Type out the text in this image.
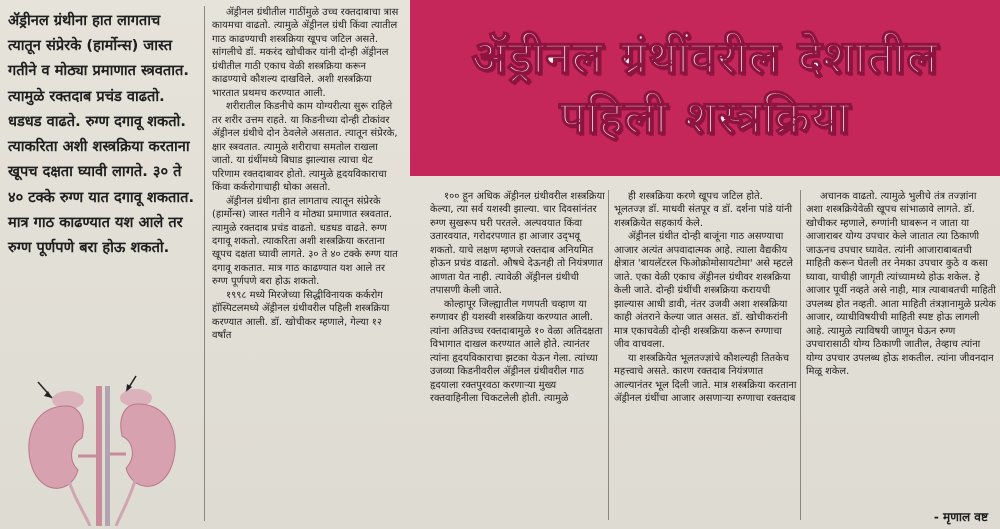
ॲड्रीनल ग्रंथीना हात लागताच त्यातून संप्रेरके (हार्मोन्स) जास्त गतीने व मोठ्या प्रमाणात स्त्रवतात. त्यामुळे रक्तदाब प्रचंड वाढतो. धडधड वाढते. रुग्ण दगावू शकतो. त्याकरिता अशी शस्त्रक्रिया करताना खूपच दक्षता घ्यावी लागते. ३० ते ४० टक्के रुग्ण यात दगावू शकतात. मात्र गाठ काढण्यात यश आले तर रुग्ण पूर्णपणे बरा होऊ शकतो.

ॲड्रीनल ग्रंथीतील गाठींमुळे उच्च रक्तदाबाचा त्रास कायमचा वाढतो. त्यामुळे ॲड्रीनल ग्रंथी किंवा त्यातील गाठ काढण्याची शस्त्रक्रिया खूपच जटिल असते. सांगलीचे डॉ. मकरंद खोचीकर यांनी दोन्ही ॲड्रीनल ग्रंथीतील गाठी एकाच वेळी शस्त्रक्रिया करून काढण्याचे कौशल्य दाखविले. अशी शस्त्रक्रिया भारतात प्रथमच करण्यात आली.

शरीरातील किडनीचे काम योग्यरीत्या सुरू राहिले तर शरीर उत्तम राहते. या किडनीच्या दोन्ही टोकांवर ॲड्रीनल ग्रंथीचे दोन ठेवलेले असतात. त्यातून संप्रेरके, क्षार स्त्रवतात. त्यामुळे शरीराचा समतोल राखला जातो. या ग्रंथींमध्ये बिघाड झाल्यास त्याचा थेट परिणाम रक्तदाबावर होतो. त्यामुळे हृदयविकाराचा किंवा कर्करोगाचाही धोका असतो.

ॲड्रीनल ग्रंथीना हात लागताच त्यातून संप्रेरके (हार्मोन्स) जास्त गतीने व मोठ्या प्रमाणात स्त्रवतात. त्यामुळे रक्तदाब प्रचंड वाढतो. धडधड वाढते. रुग्ण दगावू शकतो. त्याकरिता अशी शस्त्रक्रिया करताना खूपच दक्षता घ्यावी लागते. ३० ते ४० टक्के रुग्ण यात दगावू शकतात. मात्र गाठ काढण्यात यश आले तर रुग्ण पूर्णपणे बरा होऊ शकतो.

१९९८ मध्ये मिरजेच्या सिद्धीविनायक कर्करोग हॉस्पिटलमध्ये ॲड्रीनल ग्रंथीवरील पहिली शस्त्रक्रिया करण्यात आली. डॉ. खोचीकर म्हणाले, गेल्या १२ वर्षांत

ॲड्रीनल ग्रंथींवरील देशातील
पहिली शस्त्रक्रिया

१०० हून अधिक ॲड्रीनल ग्रंथीवरील शस्त्रक्रिया केल्या, त्या सर्व यशस्वी झाल्या. चार दिवसांनंतर रुग्ण सुखरूप घरी परतले. अल्पवयात किंवा उतारवयात, गरोदरपणात हा आजार उद्‌भवू शकतो. याचे लक्षण म्हणजे रक्तदाब अनियमित होऊन प्रचंड वाढतो. औषधे देऊनही तो नियंत्रणात आणता येत नाही. त्यावेळी ॲड्रीनल ग्रंथीची तपासणी केली जाते.

कोल्हापूर जिल्ह्यातील गणपती चव्हाण या रुग्णावर ही यशस्वी शस्त्रक्रिया करण्यात आली. त्यांना अतिउच्च रक्तदाबामुळे १० वेळा अतिदक्षता विभागात दाखल करण्यात आले होते. त्यानंतर त्यांना हृदयविकाराचा झटका येऊन गेला. त्यांच्या उजव्या किडनीवरील ॲड्रीनल ग्रंथीवरील गाठ हृदयाला रक्तपुरवठा करणाऱ्या मुख्य रक्तवाहिनीला चिकटलेली होती. त्यामुळे

ही शस्त्रक्रिया करणे खूपच जटिल होते. भूलतज्ज्ञ डॉ. माधवी संतपूर व डॉ. दर्शना पांडे यांनी शस्त्रक्रियेत सहकार्य केले.

ॲड्रीनल ग्रंथीत दोन्ही बाजूंना गाठ असण्याचा आजार अत्यंत अपवादात्मक आहे. त्याला वैद्यकीय क्षेत्रात 'बायलॅटरल फिओक्रोमोसायटोमा' असे म्हटले जाते. एका वेळी एकाच ॲड्रीनल ग्रंथीवर शस्त्रक्रिया केली जाते. दोन्ही ग्रंथींची शस्त्रक्रिया करायची झाल्यास आधी डावी, नंतर उजवी अशा शस्त्रक्रिया काही अंतराने केल्या जात असत. डॉ. खोचीकरांनी मात्र एकाचवेळी दोन्ही शस्त्रक्रिया करून रुग्णाचा जीव वाचवला.

या शस्त्रक्रियेत भूलतज्ज्ञांचे कौशल्यही तितकेच महत्त्वाचे असते. कारण रक्तदाब नियंत्रणात आल्यानंतर भूल दिली जाते. मात्र शस्त्रक्रिया करताना ॲड्रीनल ग्रंथींचा आजार असणाऱ्या रुग्णाचा रक्तदाब

अचानक वाढतो. त्यामुळे भुलीचे तंत्र तज्ज्ञांना अशा शस्त्रक्रियेवेळी खूपच सांभाळावे लागते. डॉ. खोचीकर म्हणाले, रुग्णांनी घाबरून न जाता या आजाराबर योग्य उपचार केले जातात त्या ठिकाणी जाऊनच उपचार घ्यावेत. त्यांनी आजाराबाबतची माहिती करून घेतली तर नेमका उपचार कुठे व कसा घ्यावा, याचीही जागृती त्यांच्यामध्ये होऊ शकेल. हे आजार पूर्वी नव्हते असे नाही, मात्र त्याबाबतची माहिती उपलब्ध होत नव्हती. आता माहिती तंत्रज्ञानामुळे प्रत्येक आजार, व्याधीविषयीची माहिती स्पष्ट होऊ लागली आहे. त्यामुळे त्याविषयी जाणून घेऊन रुग्ण उपचारासाठी योग्य ठिकाणी जातील, तेव्हाच त्यांना योग्य उपचार उपलब्ध होऊ शकतील. त्यांना जीवनदान मिळू शकेल.

- मृणाल वष्ट
